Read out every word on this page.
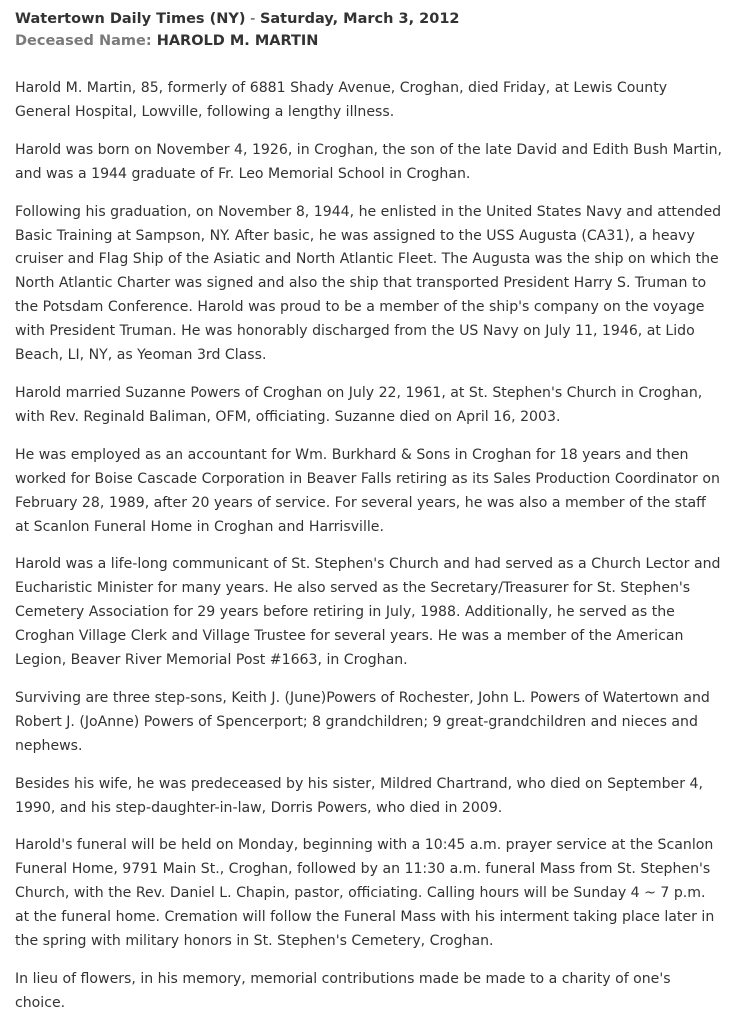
Watertown Daily Times (NY) - Saturday, March 3, 2012
Deceased Name: HAROLD M. MARTIN

Harold M. Martin, 85, formerly of 6881 Shady Avenue, Croghan, died Friday, at Lewis County General Hospital, Lowville, following a lengthy illness.

Harold was born on November 4, 1926, in Croghan, the son of the late David and Edith Bush Martin, and was a 1944 graduate of Fr. Leo Memorial School in Croghan.

Following his graduation, on November 8, 1944, he enlisted in the United States Navy and attended Basic Training at Sampson, NY. After basic, he was assigned to the USS Augusta (CA31), a heavy cruiser and Flag Ship of the Asiatic and North Atlantic Fleet. The Augusta was the ship on which the North Atlantic Charter was signed and also the ship that transported President Harry S. Truman to the Potsdam Conference. Harold was proud to be a member of the ship's company on the voyage with President Truman. He was honorably discharged from the US Navy on July 11, 1946, at Lido Beach, LI, NY, as Yeoman 3rd Class.

Harold married Suzanne Powers of Croghan on July 22, 1961, at St. Stephen's Church in Croghan, with Rev. Reginald Baliman, OFM, officiating. Suzanne died on April 16, 2003.

He was employed as an accountant for Wm. Burkhard & Sons in Croghan for 18 years and then worked for Boise Cascade Corporation in Beaver Falls retiring as its Sales Production Coordinator on February 28, 1989, after 20 years of service. For several years, he was also a member of the staff at Scanlon Funeral Home in Croghan and Harrisville.

Harold was a life-long communicant of St. Stephen's Church and had served as a Church Lector and Eucharistic Minister for many years. He also served as the Secretary/Treasurer for St. Stephen's Cemetery Association for 29 years before retiring in July, 1988. Additionally, he served as the Croghan Village Clerk and Village Trustee for several years. He was a member of the American Legion, Beaver River Memorial Post #1663, in Croghan.

Surviving are three step-sons, Keith J. (June)Powers of Rochester, John L. Powers of Watertown and Robert J. (JoAnne) Powers of Spencerport; 8 grandchildren; 9 great-grandchildren and nieces and nephews.

Besides his wife, he was predeceased by his sister, Mildred Chartrand, who died on September 4, 1990, and his step-daughter-in-law, Dorris Powers, who died in 2009.

Harold's funeral will be held on Monday, beginning with a 10:45 a.m. prayer service at the Scanlon Funeral Home, 9791 Main St., Croghan, followed by an 11:30 a.m. funeral Mass from St. Stephen's Church, with the Rev. Daniel L. Chapin, pastor, officiating. Calling hours will be Sunday 4 ~ 7 p.m. at the funeral home. Cremation will follow the Funeral Mass with his interment taking place later in the spring with military honors in St. Stephen's Cemetery, Croghan.

In lieu of flowers, in his memory, memorial contributions made be made to a charity of one's choice.
